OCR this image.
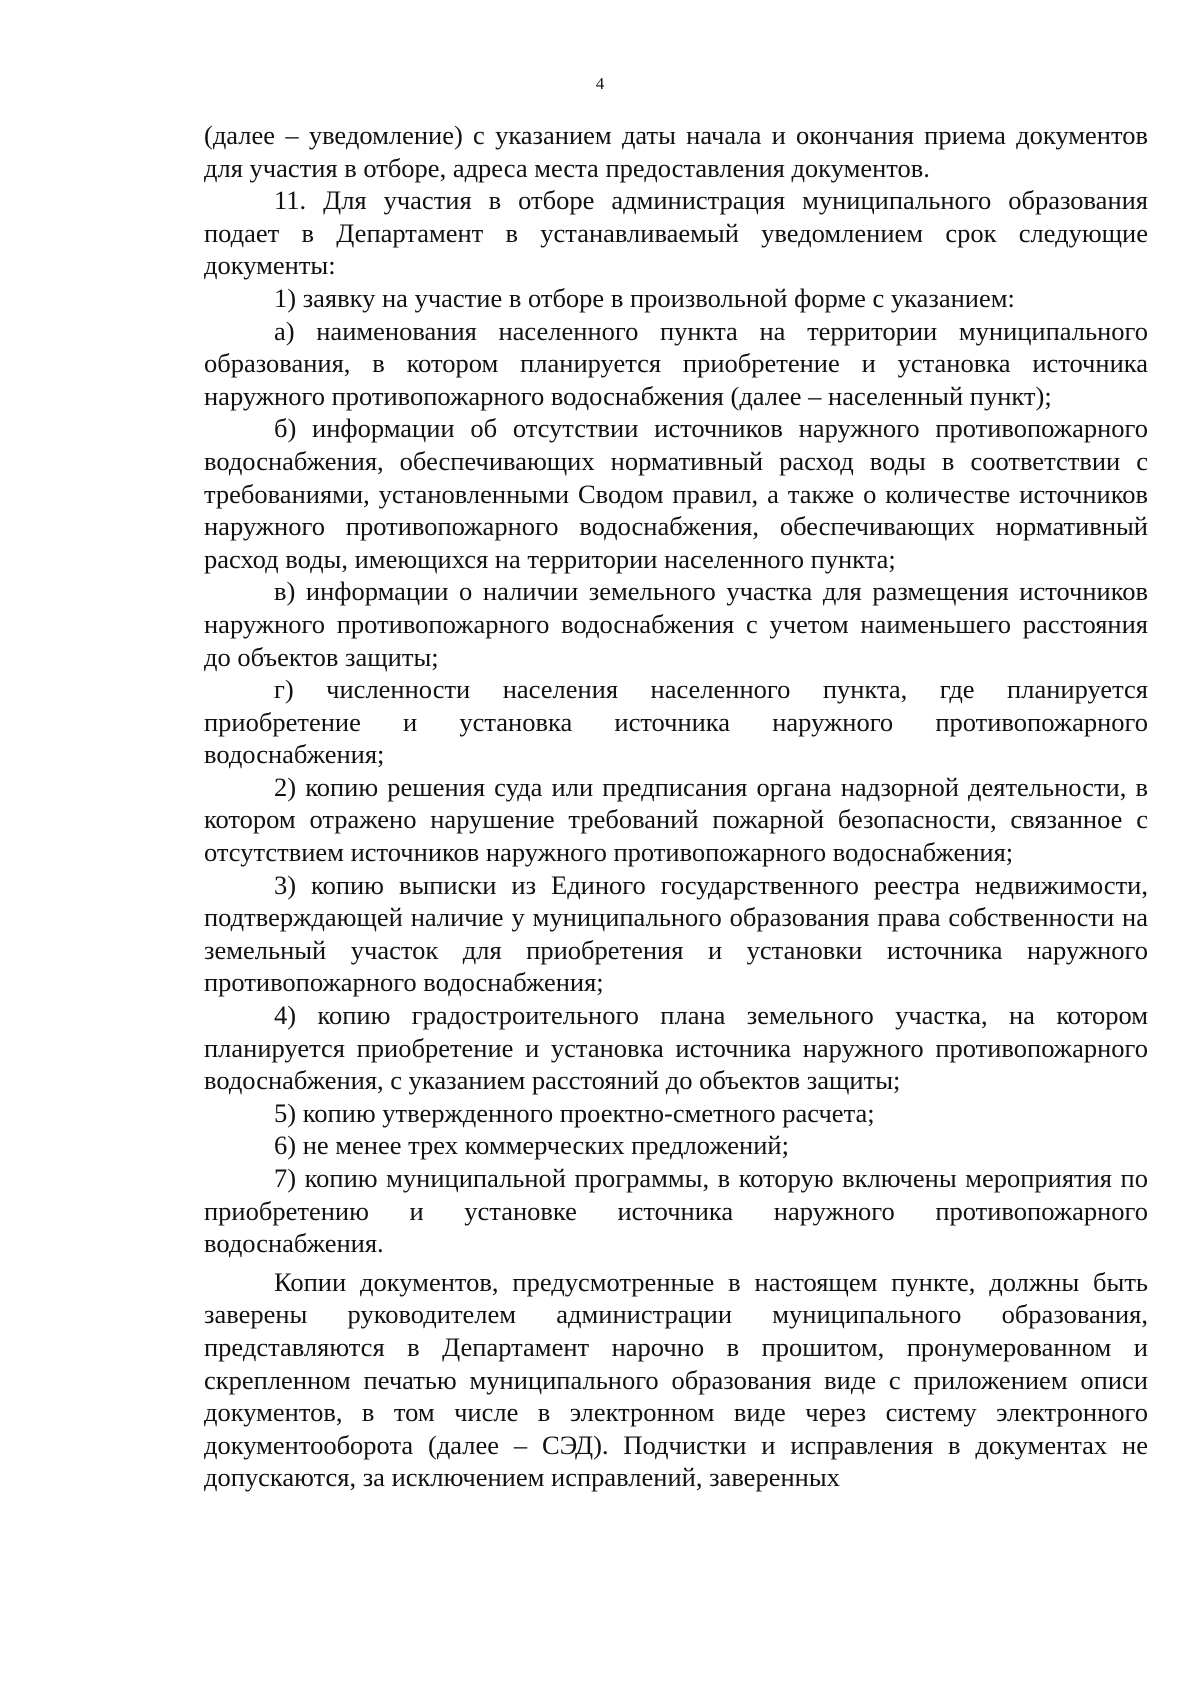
4

(далее – уведомление) с указанием даты начала и окончания приема документов для участия в отборе, адреса места предоставления документов.

11. Для участия в отборе администрация муниципального образования подает в Департамент в устанавливаемый уведомлением срок следующие документы:

1) заявку на участие в отборе в произвольной форме с указанием:

а) наименования населенного пункта на территории муниципального образования, в котором планируется приобретение и установка источника наружного противопожарного водоснабжения (далее – населенный пункт);

б) информации об отсутствии источников наружного противопожарного водоснабжения, обеспечивающих нормативный расход воды в соответствии с требованиями, установленными Сводом правил, а также о количестве источников наружного противопожарного водоснабжения, обеспечивающих нормативный расход воды, имеющихся на территории населенного пункта;

в) информации о наличии земельного участка для размещения источников наружного противопожарного водоснабжения с учетом наименьшего расстояния до объектов защиты;

г) численности населения населенного пункта, где планируется приобретение и установка источника наружного противопожарного водоснабжения;

2) копию решения суда или предписания органа надзорной деятельности, в котором отражено нарушение требований пожарной безопасности, связанное с отсутствием источников наружного противопожарного водоснабжения;

3) копию выписки из Единого государственного реестра недвижимости, подтверждающей наличие у муниципального образования права собственности на земельный участок для приобретения и установки источника наружного противопожарного водоснабжения;

4) копию градостроительного плана земельного участка, на котором планируется приобретение и установка источника наружного противопожарного водоснабжения, с указанием расстояний до объектов защиты;

5) копию утвержденного проектно-сметного расчета;

6) не менее трех коммерческих предложений;

7) копию муниципальной программы, в которую включены мероприятия по приобретению и установке источника наружного противопожарного водоснабжения.

Копии документов, предусмотренные в настоящем пункте, должны быть заверены руководителем администрации муниципального образования, представляются в Департамент нарочно в прошитом, пронумерованном и скрепленном печатью муниципального образования виде с приложением описи документов, в том числе в электронном виде через систему электронного документооборота (далее – СЭД). Подчистки и исправления в документах не допускаются, за исключением исправлений, заверенных
